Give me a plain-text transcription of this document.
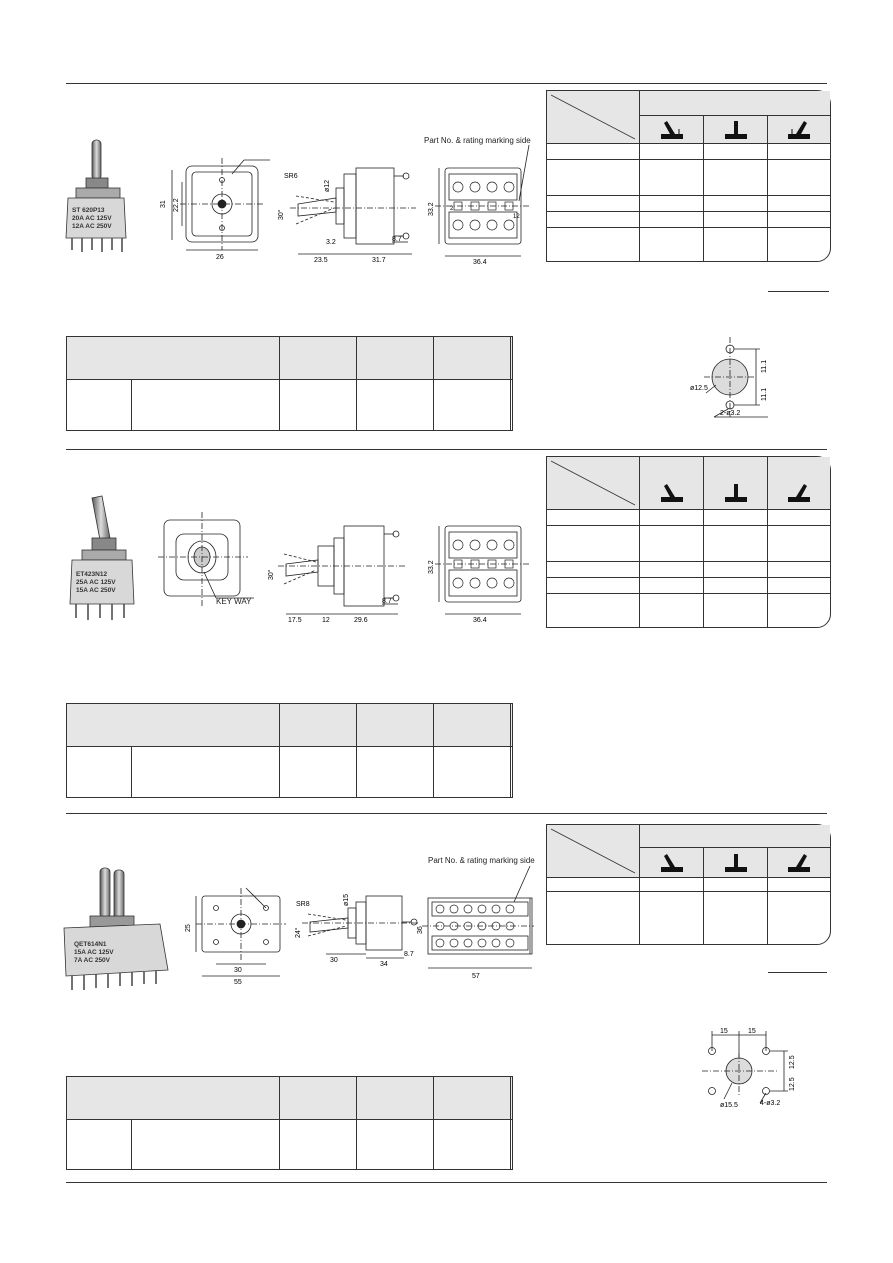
ST 620P13
20A AC 125V
12A AC 250V
31 22.2
26
SR6
ø12
30°
3.2	8.7
23.5	31.7
Part No. & rating marking side
2
12
33.2
36.4

11.1
11.1
ø12.5
2-ø3.2
ET423N12
25A AC 125V
15A AC 250V
KEY WAY
30°
17.5	12	29.6
8.7
33.2
36.4

QET614N1
15A AC 125V
7A AC 250V
25
30
55
SR8	ø15
24°
30
34
8.7
Part No. & rating marking side
36
57

15	15
12.5
12.5
ø15.5	4-ø3.2
